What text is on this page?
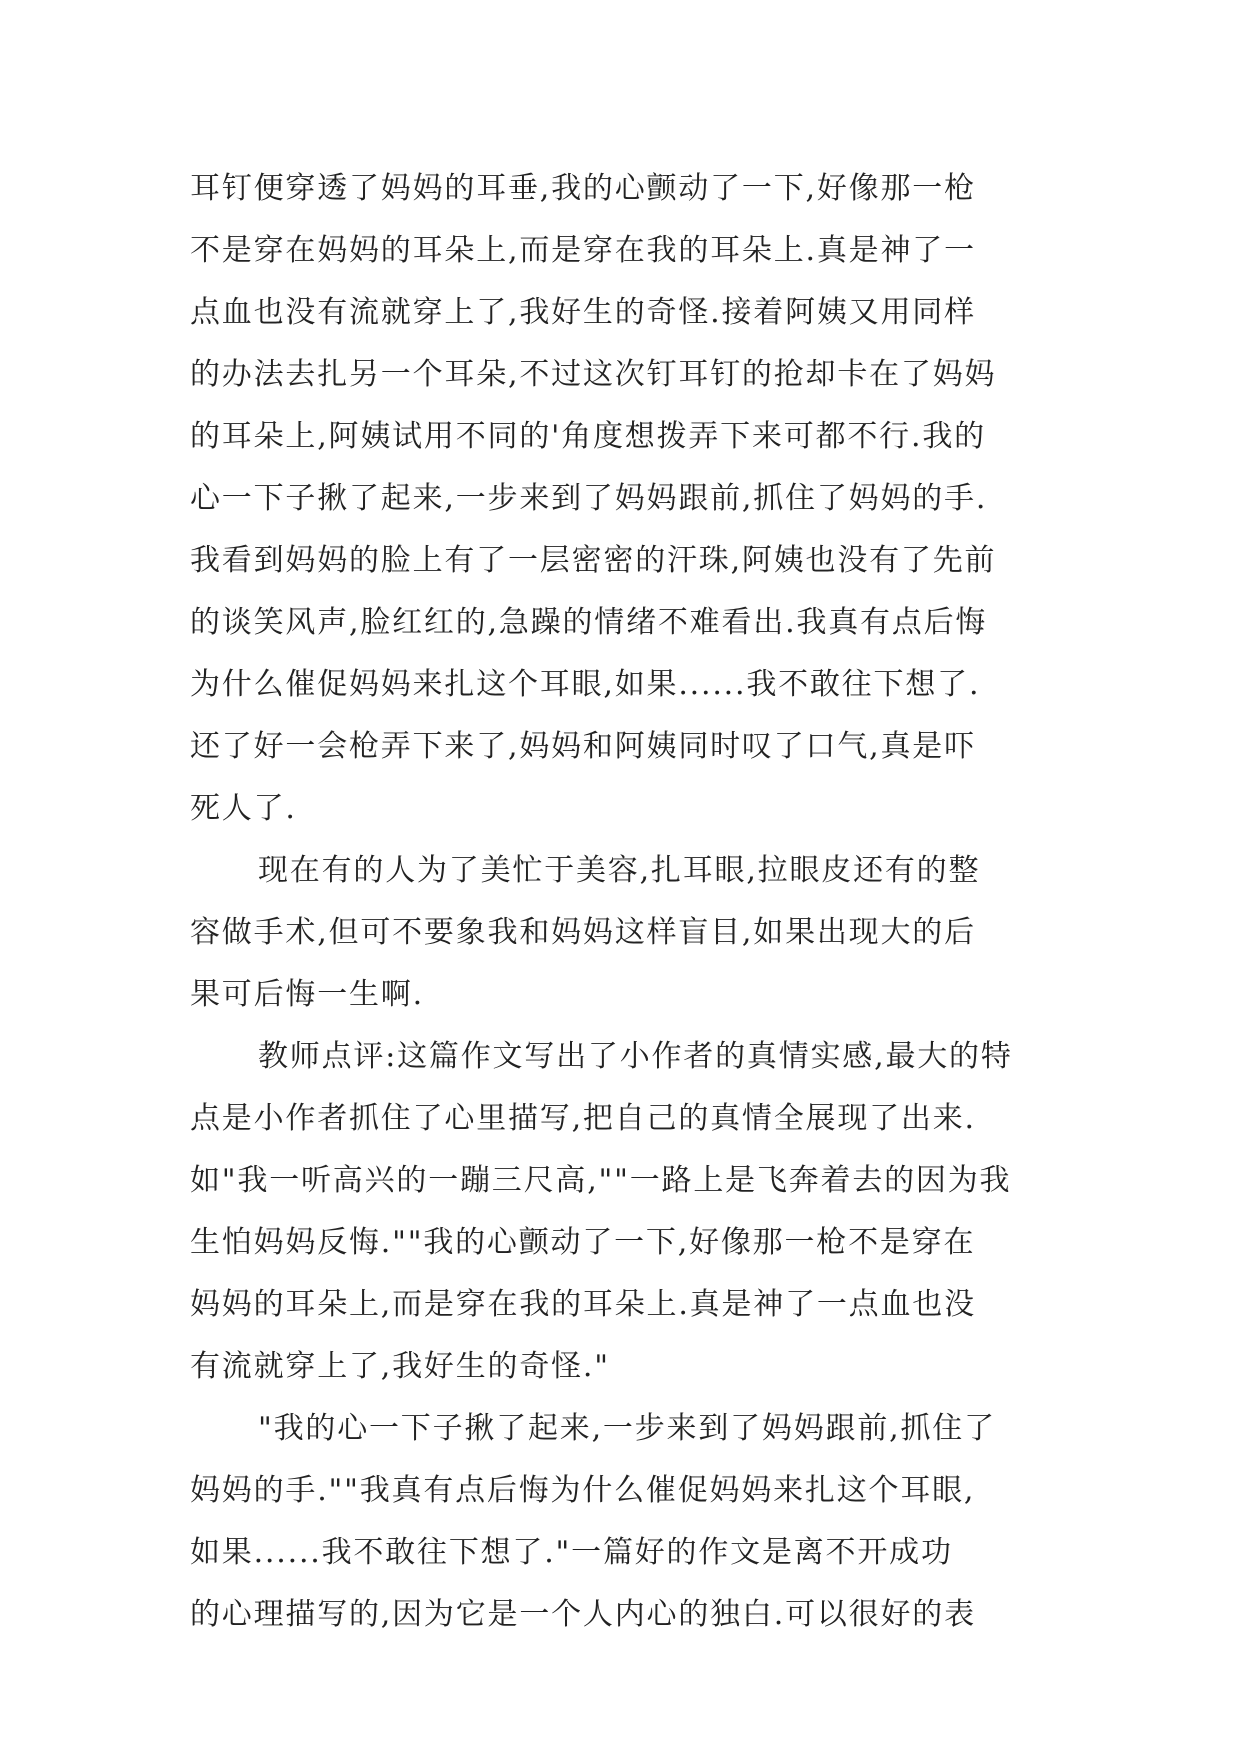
耳钉便穿透了妈妈的耳垂,我的心颤动了一下,好像那一枪
不是穿在妈妈的耳朵上,而是穿在我的耳朵上.真是神了一
点血也没有流就穿上了,我好生的奇怪.接着阿姨又用同样
的办法去扎另一个耳朵,不过这次钉耳钉的抢却卡在了妈妈
的耳朵上,阿姨试用不同的'角度想拨弄下来可都不行.我的
心一下子揪了起来,一步来到了妈妈跟前,抓住了妈妈的手.
我看到妈妈的脸上有了一层密密的汗珠,阿姨也没有了先前
的谈笑风声,脸红红的,急躁的情绪不难看出.我真有点后悔
为什么催促妈妈来扎这个耳眼,如果......我不敢往下想了.
还了好一会枪弄下来了,妈妈和阿姨同时叹了口气,真是吓
死人了.
现在有的人为了美忙于美容,扎耳眼,拉眼皮还有的整
容做手术,但可不要象我和妈妈这样盲目,如果出现大的后
果可后悔一生啊.
教师点评:这篇作文写出了小作者的真情实感,最大的特
点是小作者抓住了心里描写,把自己的真情全展现了出来.
如"我一听高兴的一蹦三尺高,""一路上是飞奔着去的因为我
生怕妈妈反悔.""我的心颤动了一下,好像那一枪不是穿在
妈妈的耳朵上,而是穿在我的耳朵上.真是神了一点血也没
有流就穿上了,我好生的奇怪."
"我的心一下子揪了起来,一步来到了妈妈跟前,抓住了
妈妈的手.""我真有点后悔为什么催促妈妈来扎这个耳眼,
如果......我不敢往下想了."一篇好的作文是离不开成功
的心理描写的,因为它是一个人内心的独白.可以很好的表
